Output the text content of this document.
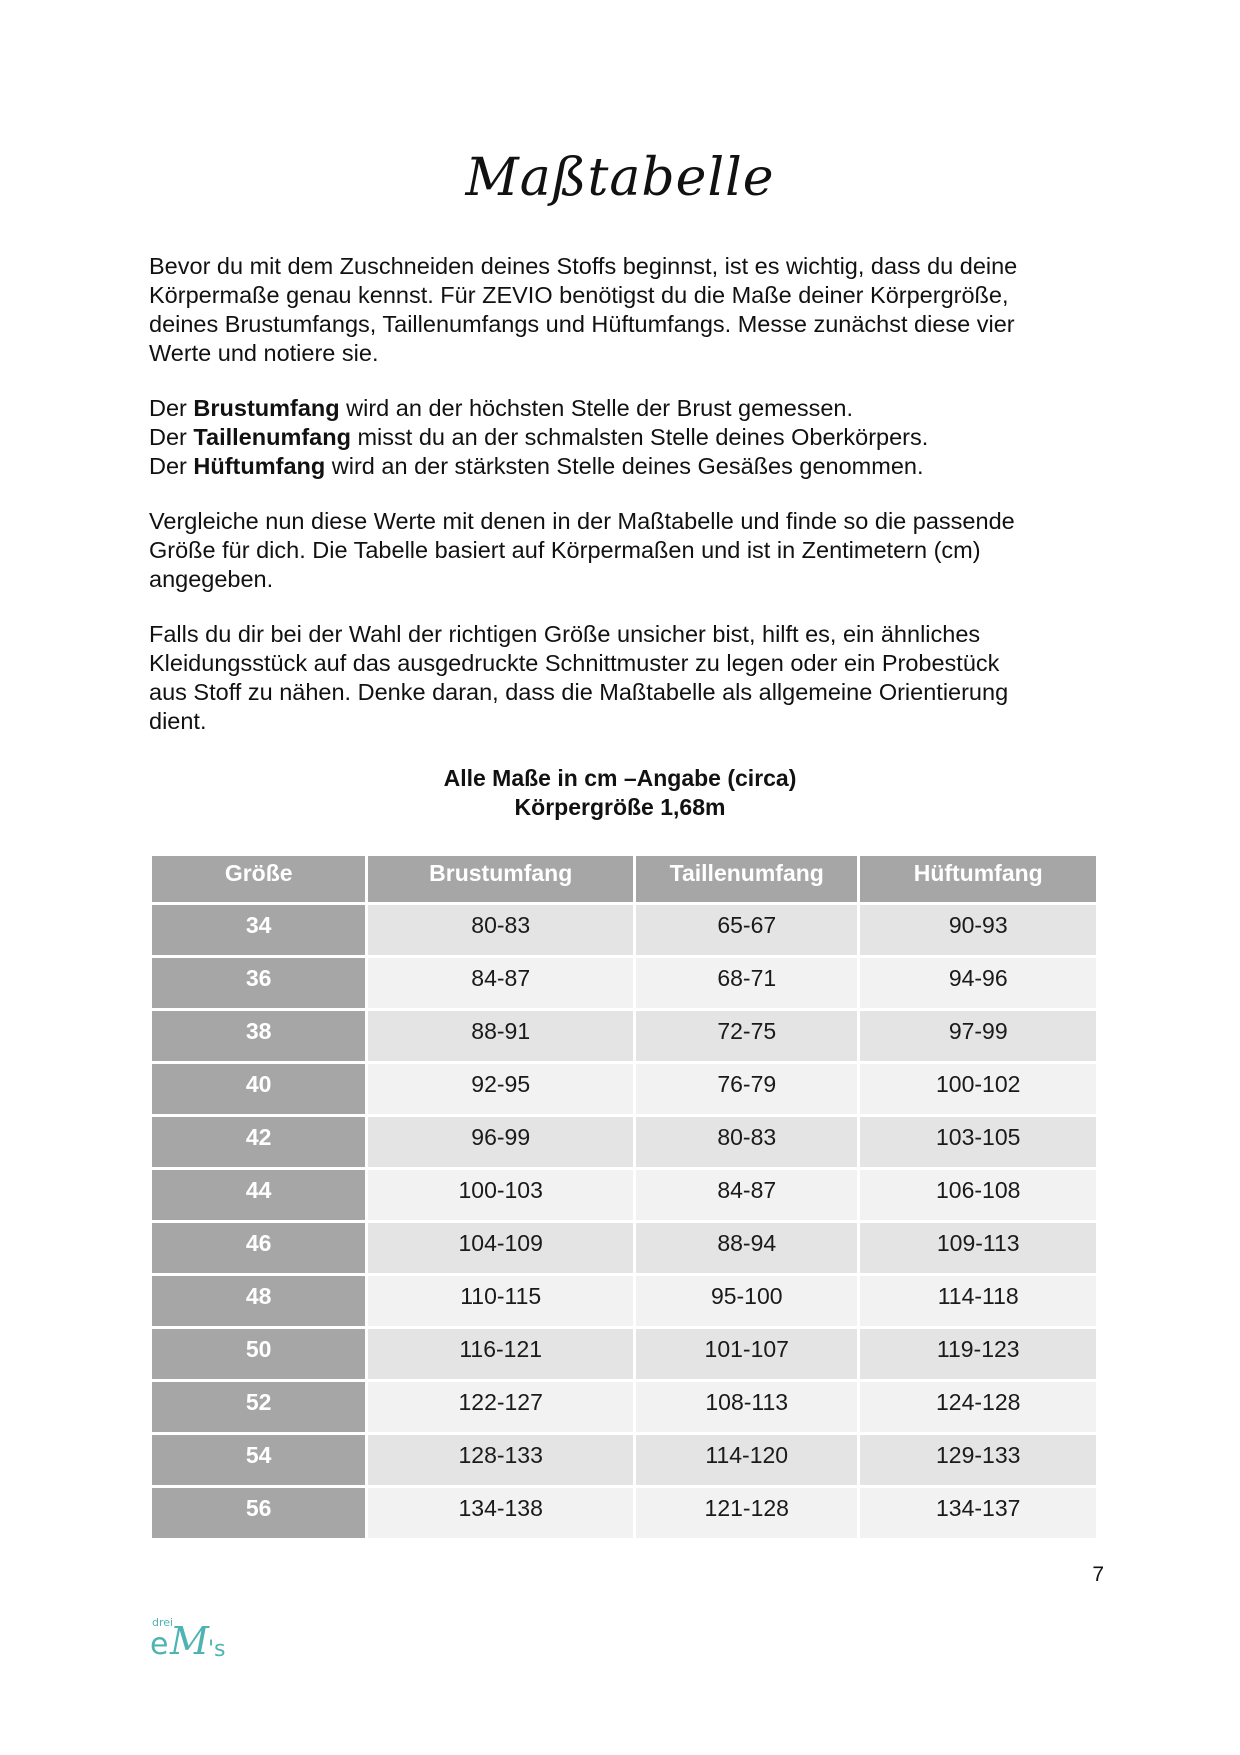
Maßtabelle

Bevor du mit dem Zuschneiden deines Stoffs beginnst, ist es wichtig, dass du deine
Körpermaße genau kennst. Für ZEVIO benötigst du die Maße deiner Körpergröße,
deines Brustumfangs, Taillenumfangs und Hüftumfangs. Messe zunächst diese vier
Werte und notiere sie.

Der Brustumfang wird an der höchsten Stelle der Brust gemessen.
Der Taillenumfang misst du an der schmalsten Stelle deines Oberkörpers.
Der Hüftumfang wird an der stärksten Stelle deines Gesäßes genommen.

Vergleiche nun diese Werte mit denen in der Maßtabelle und finde so die passende
Größe für dich. Die Tabelle basiert auf Körpermaßen und ist in Zentimetern (cm)
angegeben.

Falls du dir bei der Wahl der richtigen Größe unsicher bist, hilft es, ein ähnliches
Kleidungsstück auf das ausgedruckte Schnittmuster zu legen oder ein Probestück
aus Stoff zu nähen. Denke daran, dass die Maßtabelle als allgemeine Orientierung
dient.

Alle Maße in cm –Angabe (circa)
Körpergröße 1,68m
Größe	Brustumfang	Taillenumfang	Hüftumfang
34	80-83	65-67	90-93
36	84-87	68-71	94-96
38	88-91	72-75	97-99
40	92-95	76-79	100-102
42	96-99	80-83	103-105
44	100-103	84-87	106-108
46	104-109	88-94	109-113
48	110-115	95-100	114-118
50	116-121	101-107	119-123
52	122-127	108-113	124-128
54	128-133	114-120	129-133
56	134-138	121-128	134-137
7
drei
e M 's
